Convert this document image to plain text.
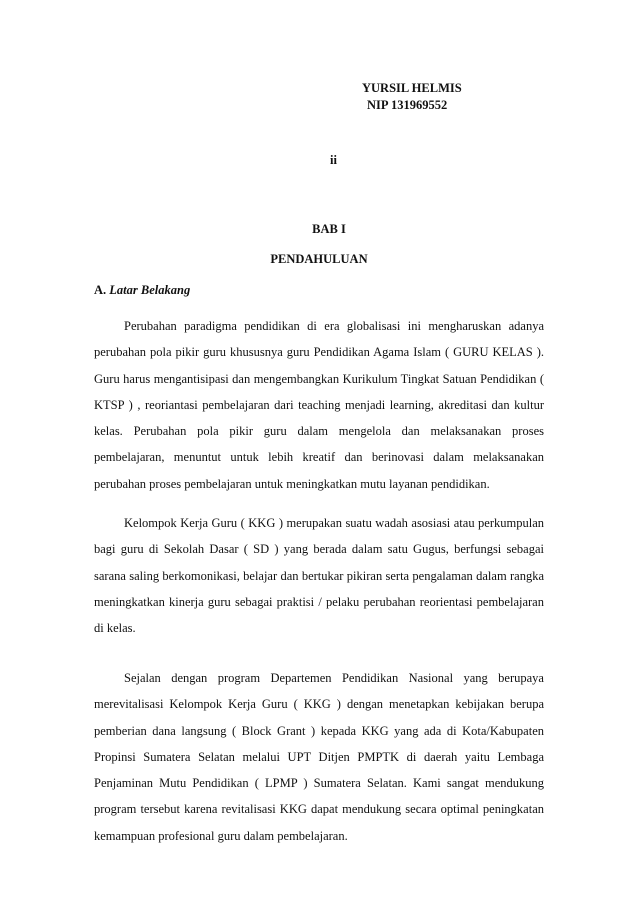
YURSIL HELMIS
NIP 131969552
ii
BAB I
PENDAHULUAN
A. Latar Belakang

Perubahan paradigma pendidikan di era globalisasi ini mengharuskan adanya perubahan pola pikir guru khususnya guru Pendidikan Agama Islam ( GURU KELAS ). Guru harus mengantisipasi dan mengembangkan Kurikulum Tingkat Satuan Pendidikan ( KTSP ) , reoriantasi pembelajaran dari teaching menjadi learning, akreditasi dan kultur kelas. Perubahan pola pikir guru dalam mengelola dan melaksanakan proses pembelajaran, menuntut untuk lebih kreatif dan berinovasi dalam melaksanakan perubahan proses pembelajaran untuk meningkatkan mutu layanan pendidikan.

Kelompok Kerja Guru ( KKG ) merupakan suatu wadah asosiasi atau perkumpulan bagi guru di Sekolah Dasar ( SD ) yang berada dalam satu Gugus, berfungsi sebagai sarana saling berkomonikasi, belajar dan bertukar pikiran serta pengalaman dalam rangka meningkatkan kinerja guru sebagai praktisi / pelaku perubahan reorientasi pembelajaran di kelas.

Sejalan dengan program Departemen Pendidikan Nasional yang berupaya merevitalisasi Kelompok Kerja Guru ( KKG ) dengan menetapkan kebijakan berupa pemberian dana langsung ( Block Grant ) kepada KKG yang ada di Kota/Kabupaten Propinsi Sumatera Selatan melalui UPT Ditjen PMPTK di daerah yaitu Lembaga Penjaminan Mutu Pendidikan ( LPMP ) Sumatera Selatan. Kami sangat mendukung program tersebut karena revitalisasi KKG dapat mendukung secara optimal peningkatan kemampuan profesional guru dalam pembelajaran.
